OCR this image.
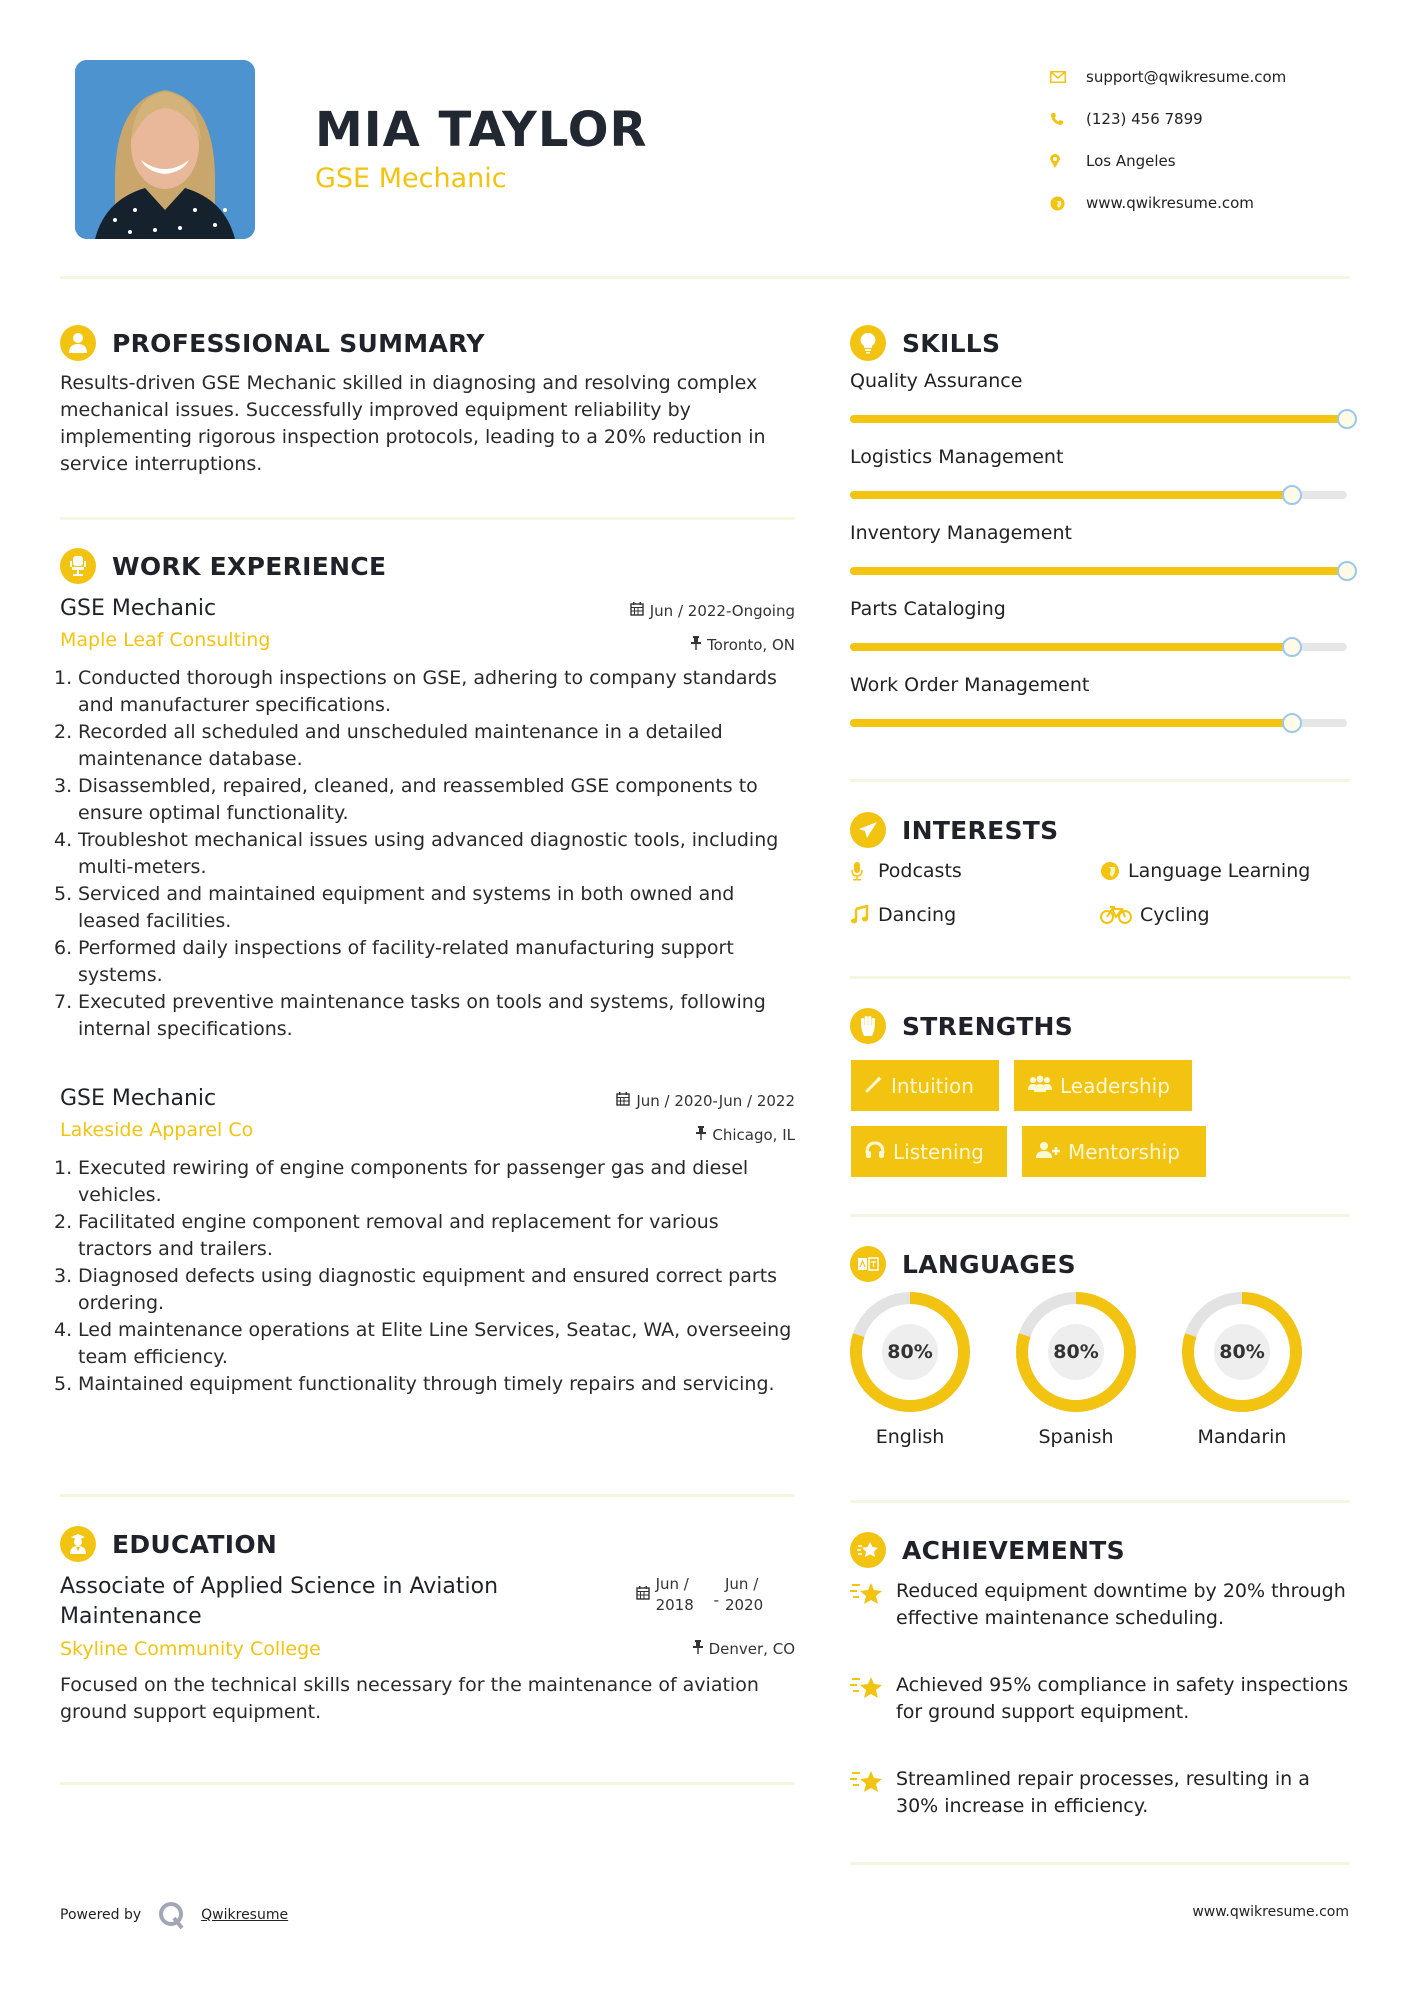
MIA TAYLOR
GSE Mechanic
support@qwikresume.com
(123) 456 7899
Los Angeles
www.qwikresume.com
PROFESSIONAL SUMMARY
Results-driven GSE Mechanic skilled in diagnosing and resolving complex mechanical issues. Successfully improved equipment reliability by implementing rigorous inspection protocols, leading to a 20% reduction in service interruptions.
WORK EXPERIENCE
GSE Mechanic
Maple Leaf Consulting
Jun / 2022-Ongoing
Toronto, ON
1. Conducted thorough inspections on GSE, adhering to company standards and manufacturer specifications.
2. Recorded all scheduled and unscheduled maintenance in a detailed maintenance database.
3. Disassembled, repaired, cleaned, and reassembled GSE components to ensure optimal functionality.
4. Troubleshot mechanical issues using advanced diagnostic tools, including multi-meters.
5. Serviced and maintained equipment and systems in both owned and leased facilities.
6. Performed daily inspections of facility-related manufacturing support systems.
7. Executed preventive maintenance tasks on tools and systems, following internal specifications.
GSE Mechanic
Lakeside Apparel Co
Jun / 2020-Jun / 2022
Chicago, IL
1. Executed rewiring of engine components for passenger gas and diesel vehicles.
2. Facilitated engine component removal and replacement for various tractors and trailers.
3. Diagnosed defects using diagnostic equipment and ensured correct parts ordering.
4. Led maintenance operations at Elite Line Services, Seatac, WA, overseeing team efficiency.
5. Maintained equipment functionality through timely repairs and servicing.
EDUCATION
Associate of Applied Science in Aviation Maintenance
Skyline Community College
Jun / 2018	-
Jun / 2020
Denver, CO
Focused on the technical skills necessary for the maintenance of aviation ground support equipment.
SKILLS
Quality Assurance
Logistics Management
Inventory Management
Parts Cataloging
Work Order Management
INTERESTS
Podcasts	Language Learning
Dancing	Cycling
STRENGTHS
Intuition	Leadership
Listening	Mentorship
LANGUAGES
80%
English
80%
Spanish
80%
Mandarin
ACHIEVEMENTS
Reduced equipment downtime by 20% through effective maintenance scheduling.
Achieved 95% compliance in safety inspections for ground support equipment.
Streamlined repair processes, resulting in a 30% increase in efficiency.
Powered by	Qwikresume	www.qwikresume.com
